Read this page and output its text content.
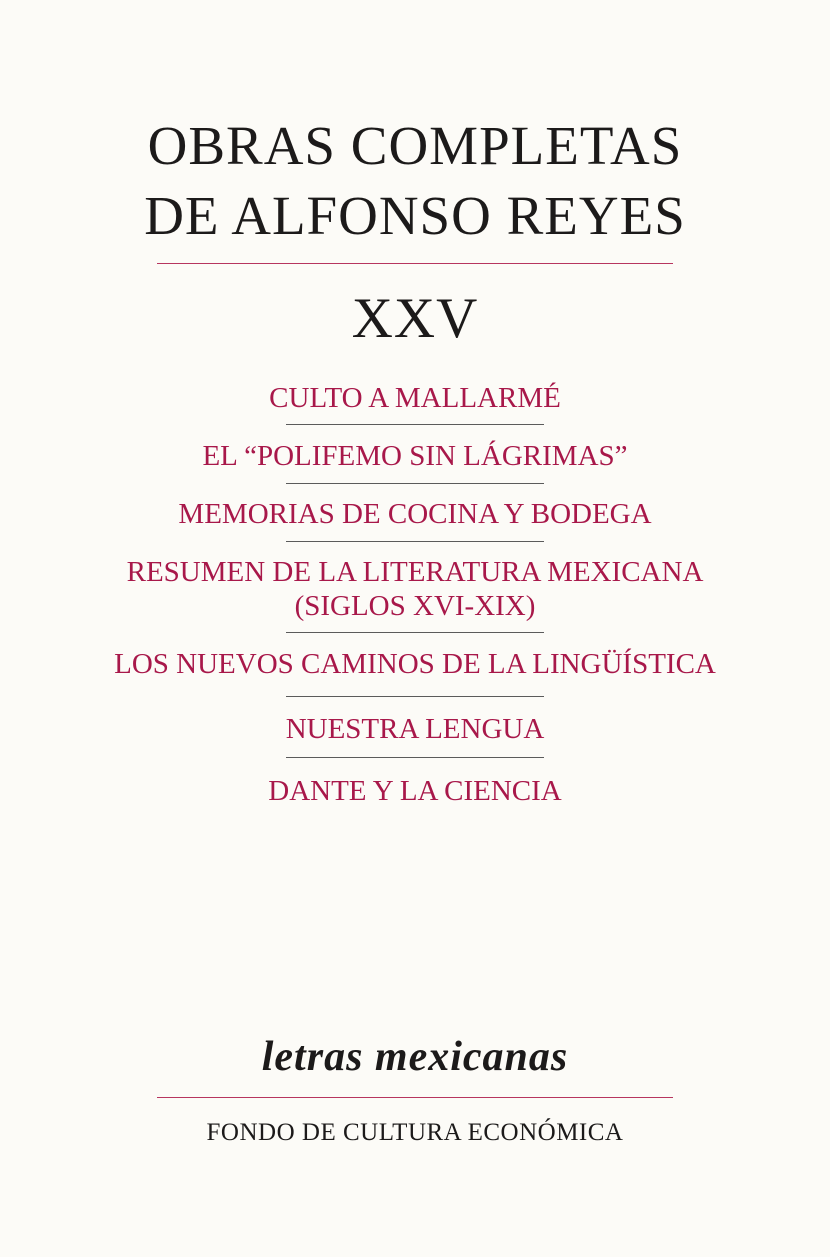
OBRAS COMPLETAS
DE ALFONSO REYES
XXV
CULTO A MALLARMÉ
EL “POLIFEMO SIN LÁGRIMAS”
MEMORIAS DE COCINA Y BODEGA
RESUMEN DE LA LITERATURA MEXICANA
(SIGLOS XVI-XIX)
LOS NUEVOS CAMINOS DE LA LINGÜÍSTICA
NUESTRA LENGUA
DANTE Y LA CIENCIA
letras mexicanas
FONDO DE CULTURA ECONÓMICA
